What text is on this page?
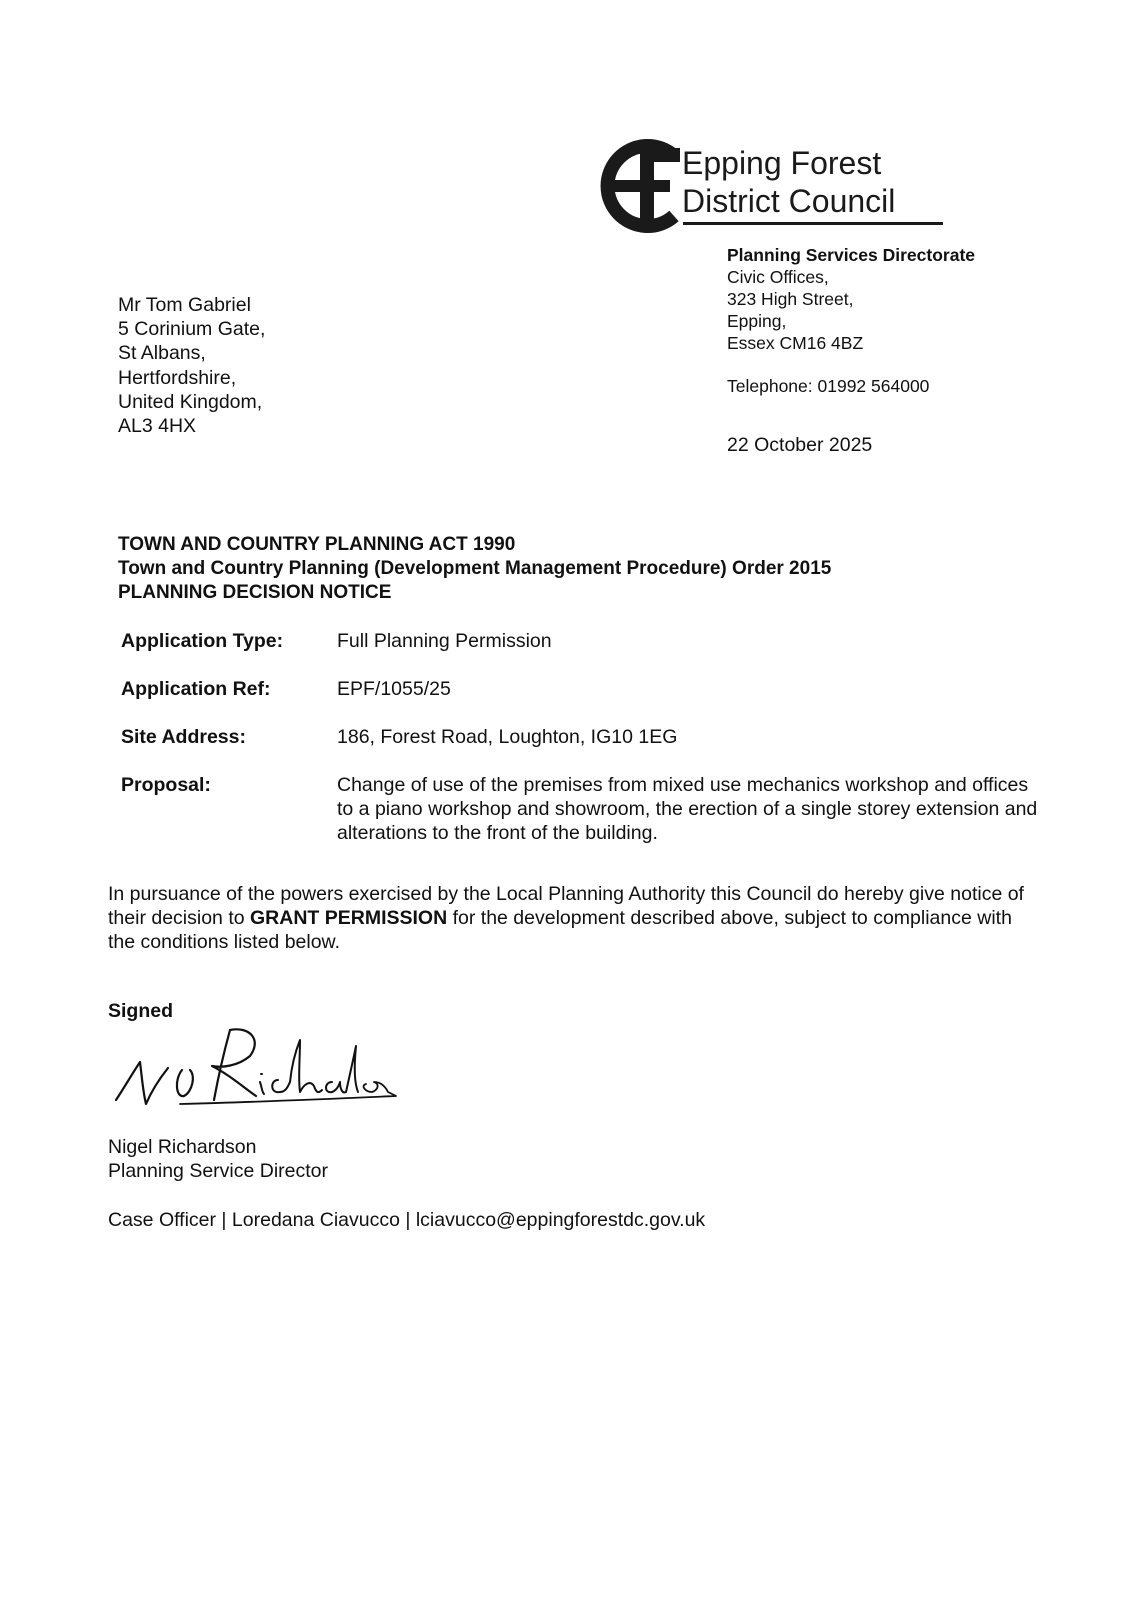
Epping Forest
District Council
Planning Services Directorate
Civic Offices,
323 High Street,
Epping,
Essex CM16 4BZ
Telephone: 01992 564000
22 October 2025
Mr Tom Gabriel
5 Corinium Gate,
St Albans,
Hertfordshire,
United Kingdom,
AL3 4HX
TOWN AND COUNTRY PLANNING ACT 1990
Town and Country Planning (Development Management Procedure) Order 2015
PLANNING DECISION NOTICE
Application Type:	Full Planning Permission
Application Ref:	EPF/1055/25
Site Address:	186, Forest Road, Loughton, IG10 1EG
Proposal:	Change of use of the premises from mixed use mechanics workshop and offices to a piano workshop and showroom, the erection of a single storey extension and alterations to the front of the building.
In pursuance of the powers exercised by the Local Planning Authority this Council do hereby give notice of their decision to GRANT PERMISSION for the development described above, subject to compliance with the conditions listed below.
Signed
Nigel Richardson
Planning Service Director
Case Officer | Loredana Ciavucco | lciavucco@eppingforestdc.gov.uk
